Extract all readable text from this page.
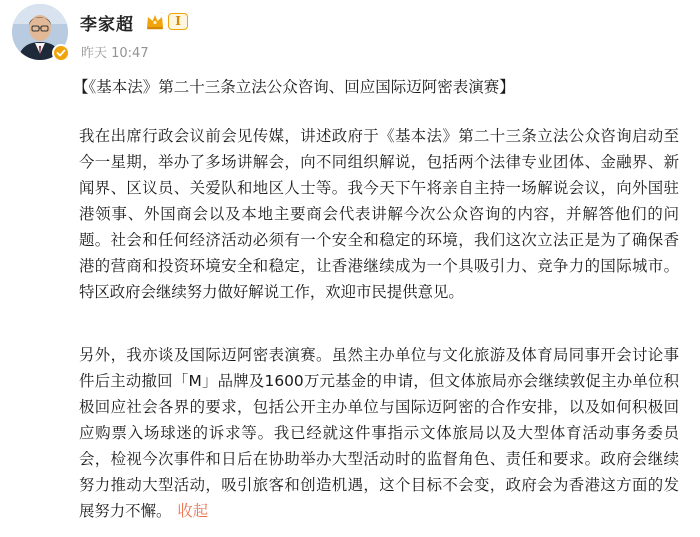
李家超	I
昨天 10:47
【《基本法》第二十三条立法公众咨询、回应国际迈阿密表演赛】

我在出席行政会议前会见传媒，讲述政府于《基本法》第二十三条立法公众咨询启动至今一星期，举办了多场讲解会，向不同组织解说，包括两个法律专业团体、金融界、新闻界、区议员、关爱队和地区人士等。我今天下午将亲自主持一场解说会议，向外国驻港领事、外国商会以及本地主要商会代表讲解今次公众咨询的内容，并解答他们的问题。社会和任何经济活动必须有一个安全和稳定的环境，我们这次立法正是为了确保香港的营商和投资环境安全和稳定，让香港继续成为一个具吸引力、竞争力的国际城市。特区政府会继续努力做好解说工作，欢迎市民提供意见。

另外，我亦谈及国际迈阿密表演赛。虽然主办单位与文化旅游及体育局同事开会讨论事件后主动撤回「M」品牌及1600万元基金的申请，但文体旅局亦会继续敦促主办单位积极回应社会各界的要求，包括公开主办单位与国际迈阿密的合作安排，以及如何积极回应购票入场球迷的诉求等。我已经就这件事指示文体旅局以及大型体育活动事务委员会，检视今次事件和日后在协助举办大型活动时的监督角色、责任和要求。政府会继续努力推动大型活动，吸引旅客和创造机遇，这个目标不会变，政府会为香港这方面的发展努力不懈。 收起
